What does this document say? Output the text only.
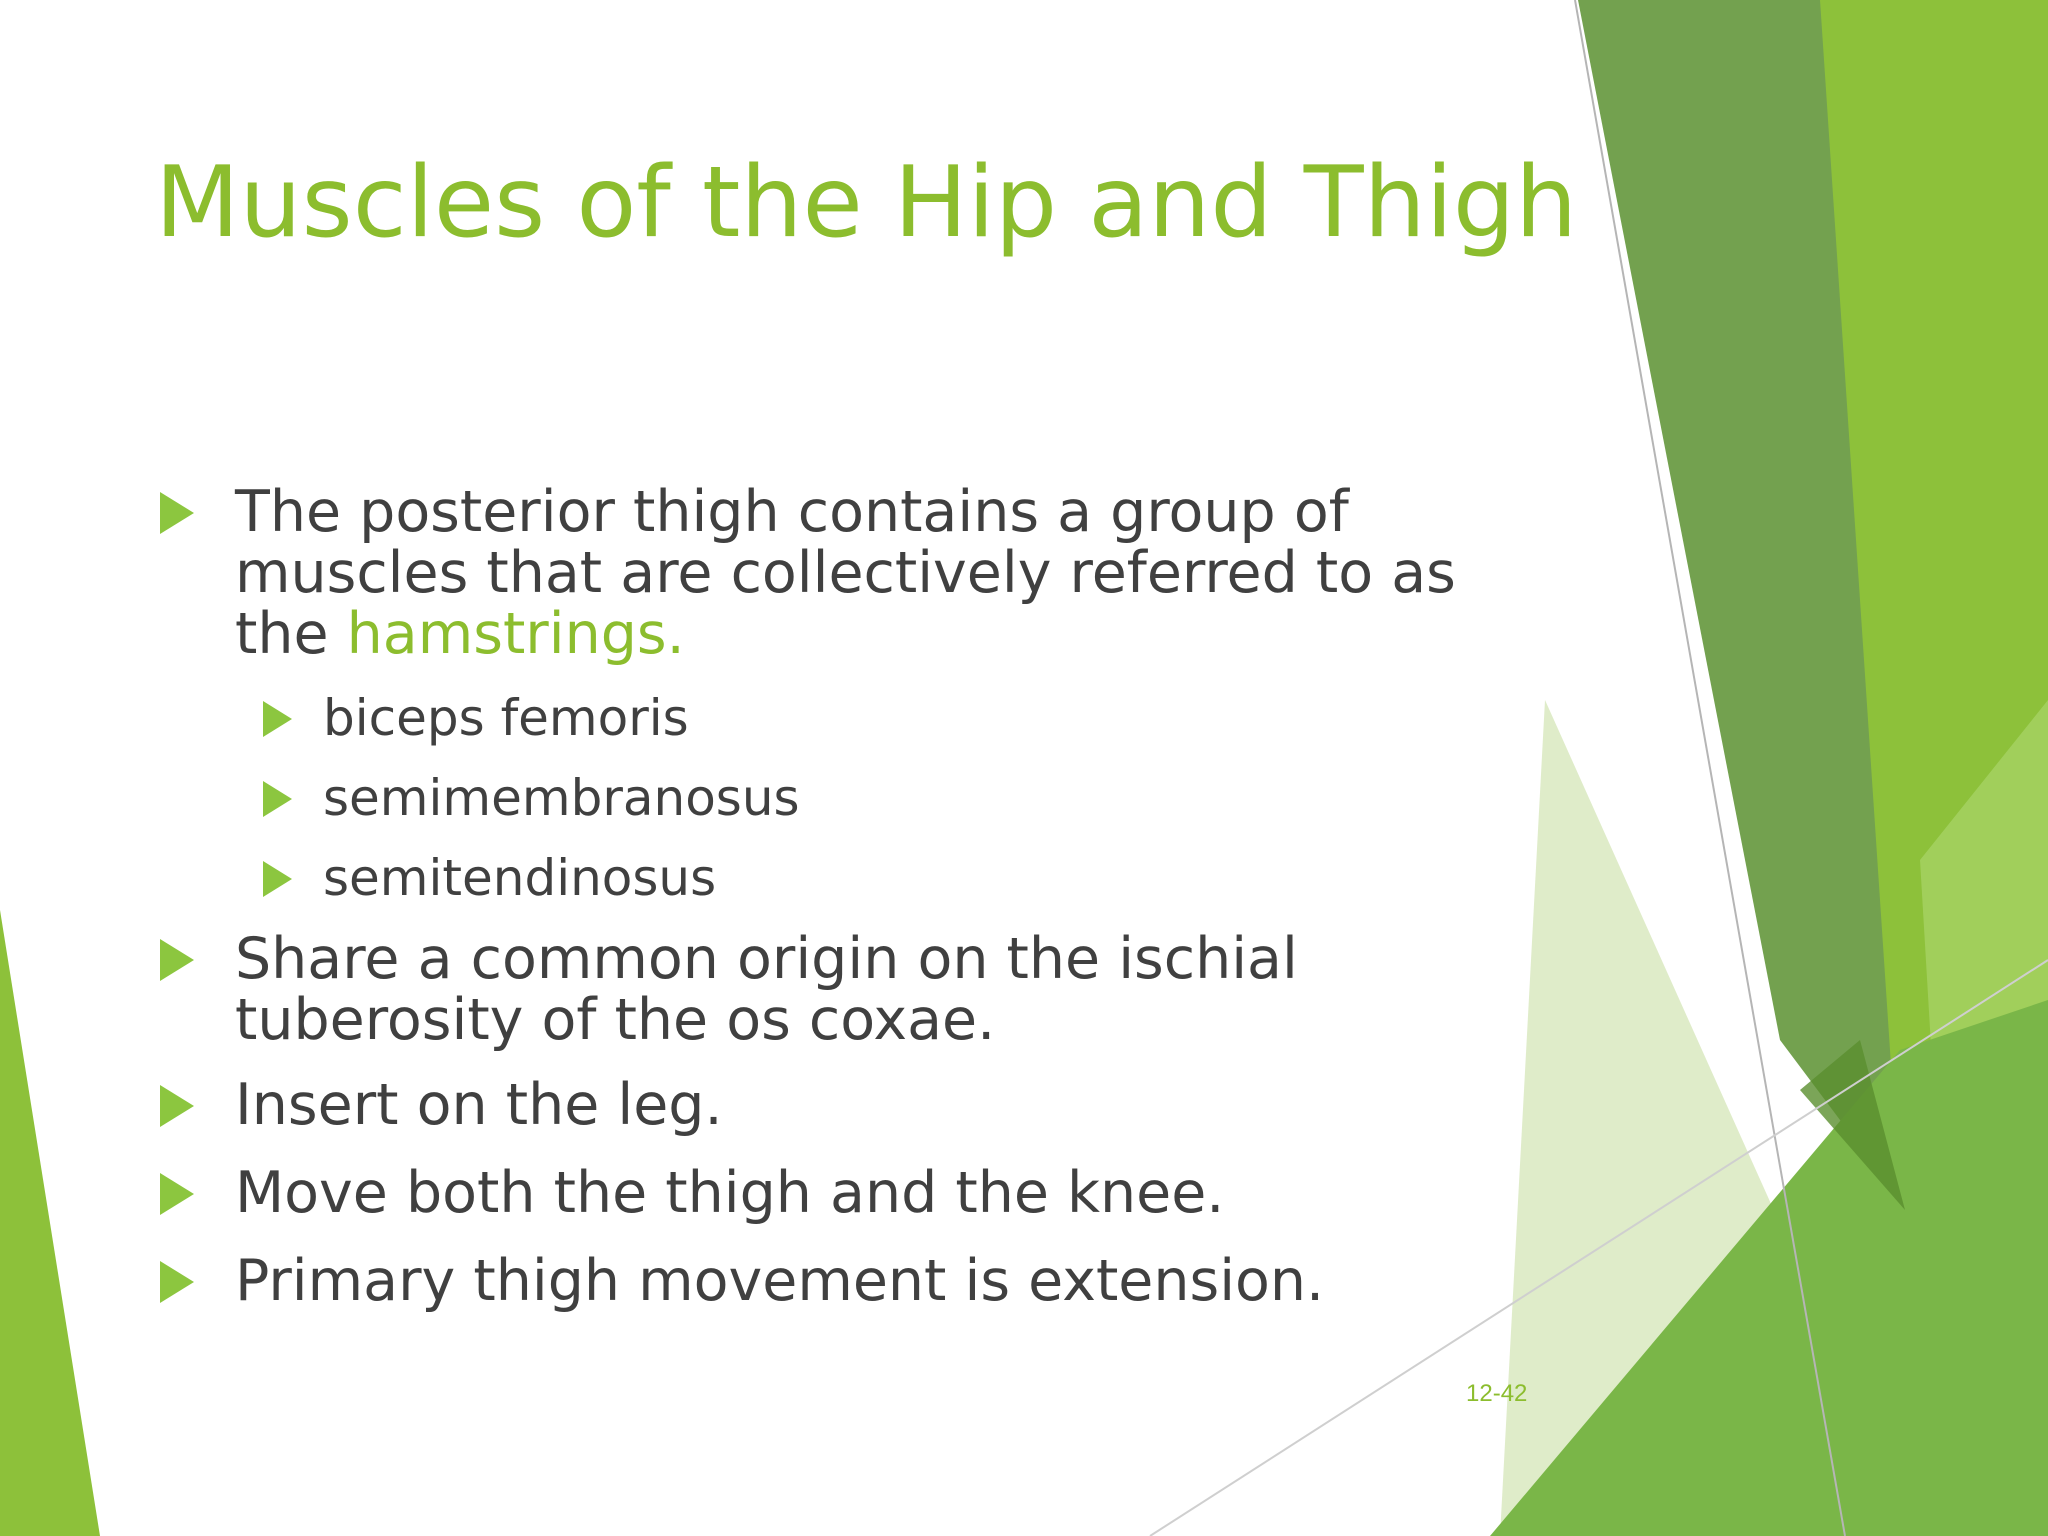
Muscles of the Hip and Thigh
The posterior thigh contains a group of muscles that are collectively referred to as the hamstrings.
biceps femoris
semimembranosus
semitendinosus
Share a common origin on the ischial tuberosity of the os coxae.
Insert on the leg.
Move both the thigh and the knee.
Primary thigh movement is extension.
12-42
